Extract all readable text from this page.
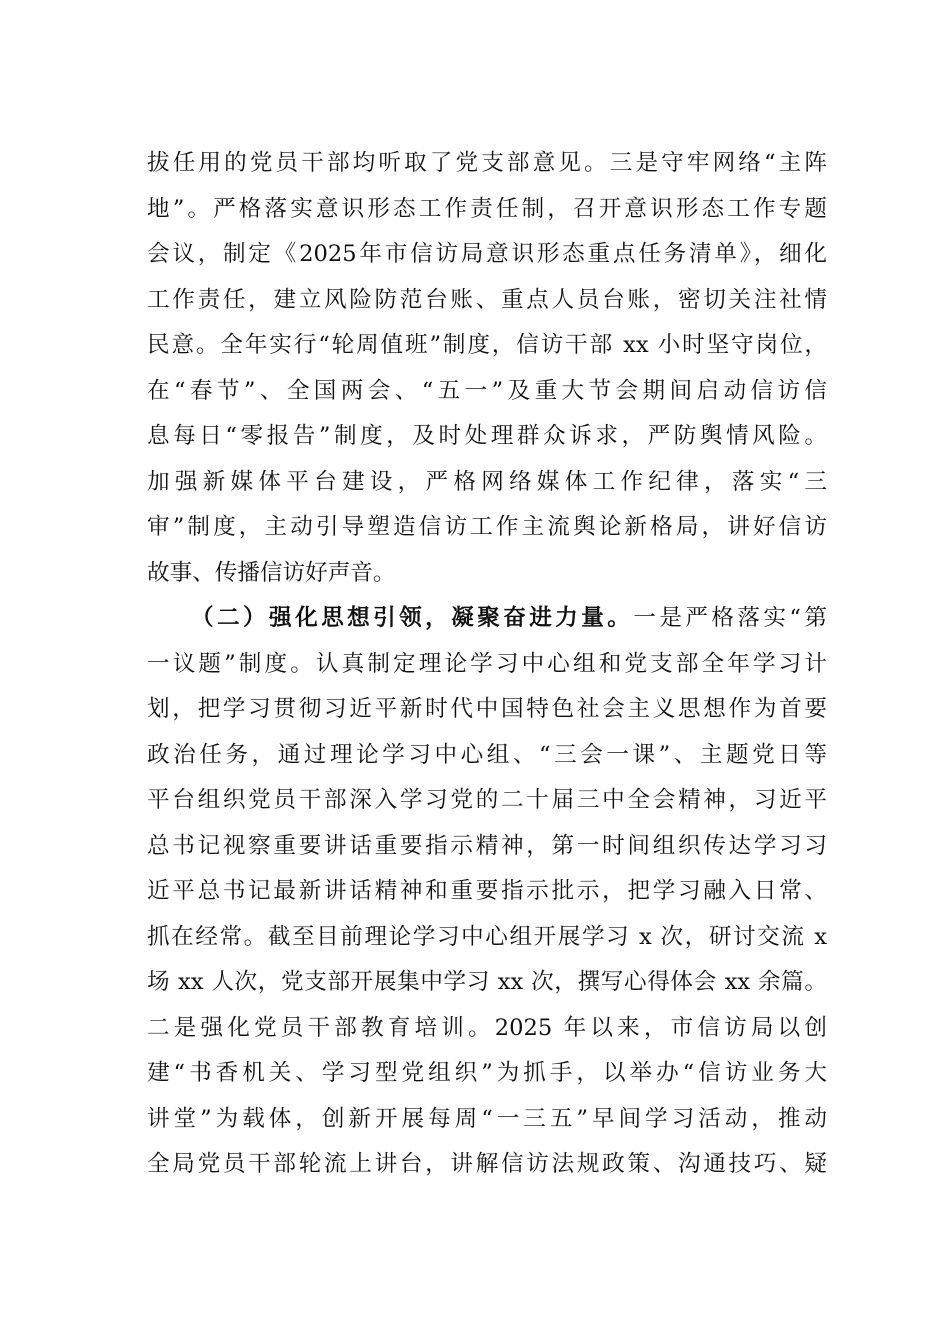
拔任用的党员干部均听取了党支部意见。三是守牢网络“主阵
地”。严格落实意识形态工作责任制，召开意识形态工作专题
会议，制定《2025年市信访局意识形态重点任务清单》，细化
工作责任，建立风险防范台账、重点人员台账，密切关注社情
民意。全年实行“轮周值班”制度，信访干部 xx 小时坚守岗位，
在“春节”、全国两会、“五一”及重大节会期间启动信访信
息每日“零报告”制度，及时处理群众诉求，严防舆情风险。
加强新媒体平台建设，严格网络媒体工作纪律，落实“三
审”制度，主动引导塑造信访工作主流舆论新格局，讲好信访
故事、传播信访好声音。
（二）强化思想引领，凝聚奋进力量。一是严格落实“第
一议题”制度。认真制定理论学习中心组和党支部全年学习计
划，把学习贯彻习近平新时代中国特色社会主义思想作为首要
政治任务，通过理论学习中心组、“三会一课”、主题党日等
平台组织党员干部深入学习党的二十届三中全会精神，习近平
总书记视察重要讲话重要指示精神，第一时间组织传达学习习
近平总书记最新讲话精神和重要指示批示，把学习融入日常、
抓在经常。截至目前理论学习中心组开展学习 x 次，研讨交流 x
场 xx 人次，党支部开展集中学习 xx 次，撰写心得体会 xx 余篇。
二是强化党员干部教育培训。2025 年以来，市信访局以创
建“书香机关、学习型党组织”为抓手，以举办“信访业务大
讲堂”为载体，创新开展每周“一三五”早间学习活动，推动
全局党员干部轮流上讲台，讲解信访法规政策、沟通技巧、疑
